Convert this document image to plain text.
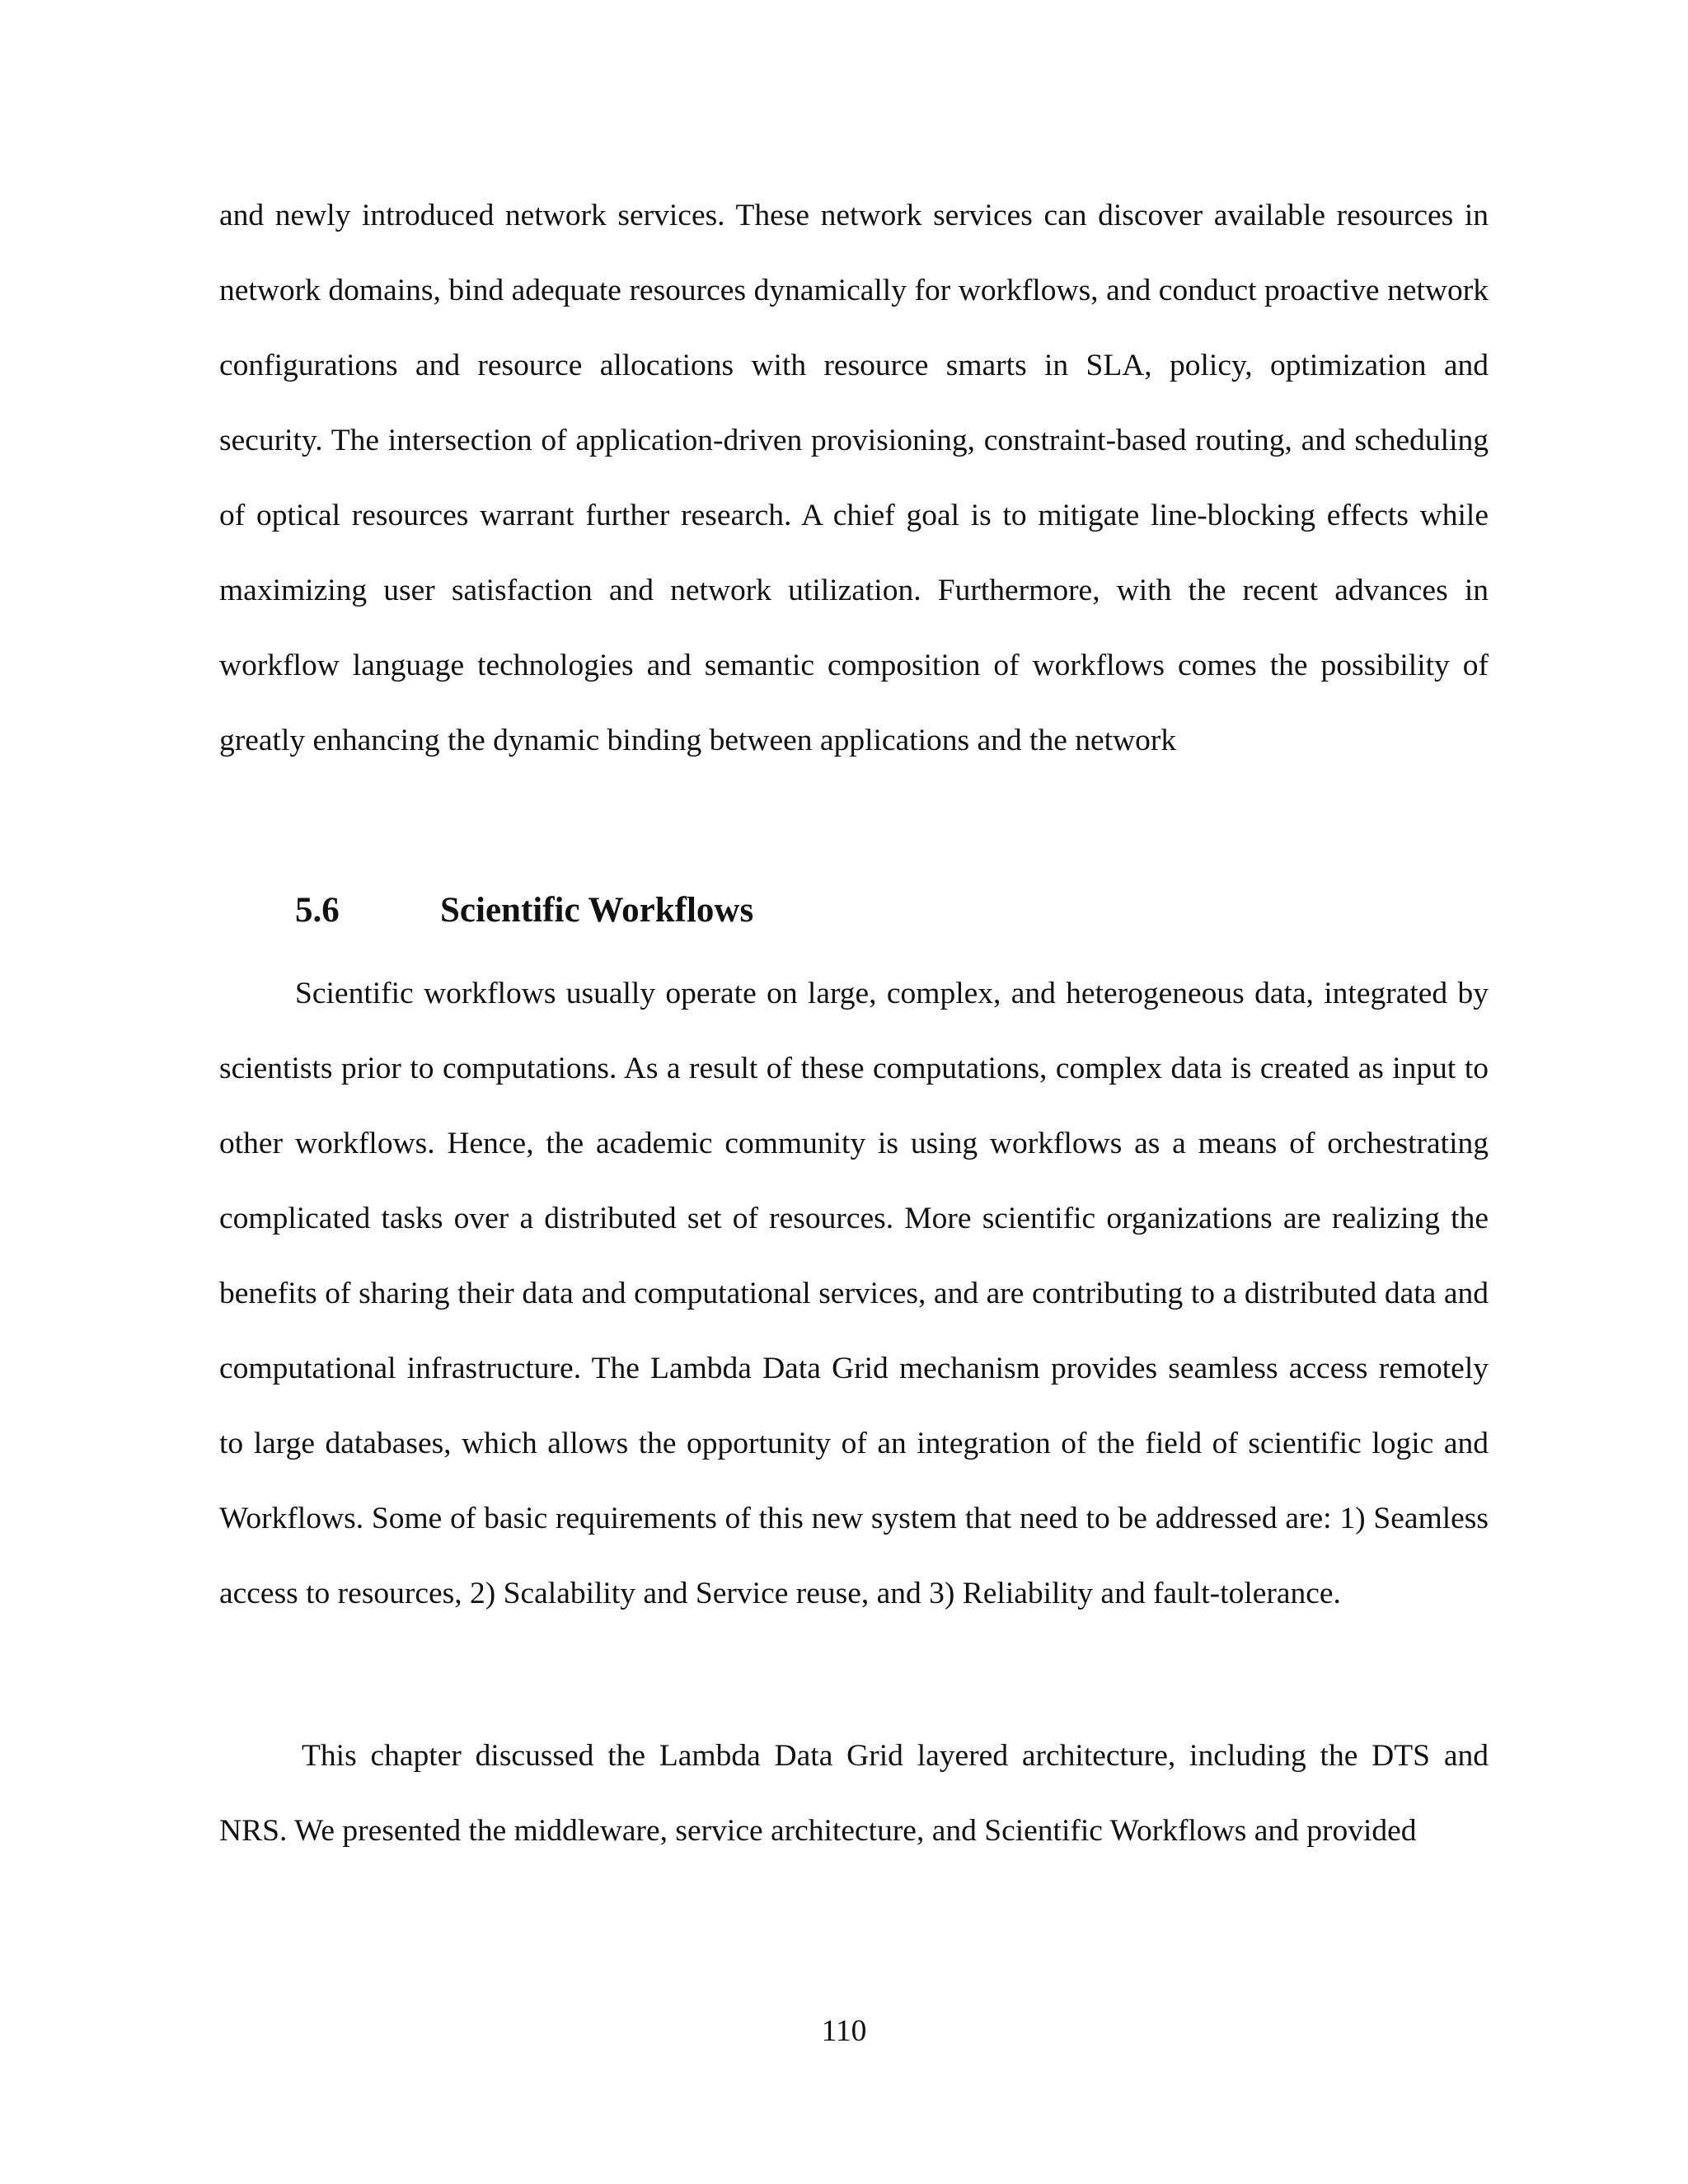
and newly introduced network services. These network services can discover available resources in network domains, bind adequate resources dynamically for workflows, and conduct proactive network configurations and resource allocations with resource smarts in SLA, policy, optimization and security. The intersection of application-driven provisioning, constraint-based routing, and scheduling of optical resources warrant further research. A chief goal is to mitigate line-blocking effects while maximizing user satisfaction and network utilization. Furthermore, with the recent advances in workflow language technologies and semantic composition of workflows comes the possibility of greatly enhancing the dynamic binding between applications and the network

5.6	Scientific Workflows

Scientific workflows usually operate on large, complex, and heterogeneous data, integrated by scientists prior to computations. As a result of these computations, complex data is created as input to other workflows. Hence, the academic community is using workflows as a means of orchestrating complicated tasks over a distributed set of resources. More scientific organizations are realizing the benefits of sharing their data and computational services, and are contributing to a distributed data and computational infrastructure. The Lambda Data Grid mechanism provides seamless access remotely to large databases, which allows the opportunity of an integration of the field of scientific logic and Workflows. Some of basic requirements of this new system that need to be addressed are: 1) Seamless access to resources, 2) Scalability and Service reuse, and 3) Reliability and fault-tolerance.

This chapter discussed the Lambda Data Grid layered architecture, including the DTS and NRS. We presented the middleware, service architecture, and Scientific Workflows and provided

110
